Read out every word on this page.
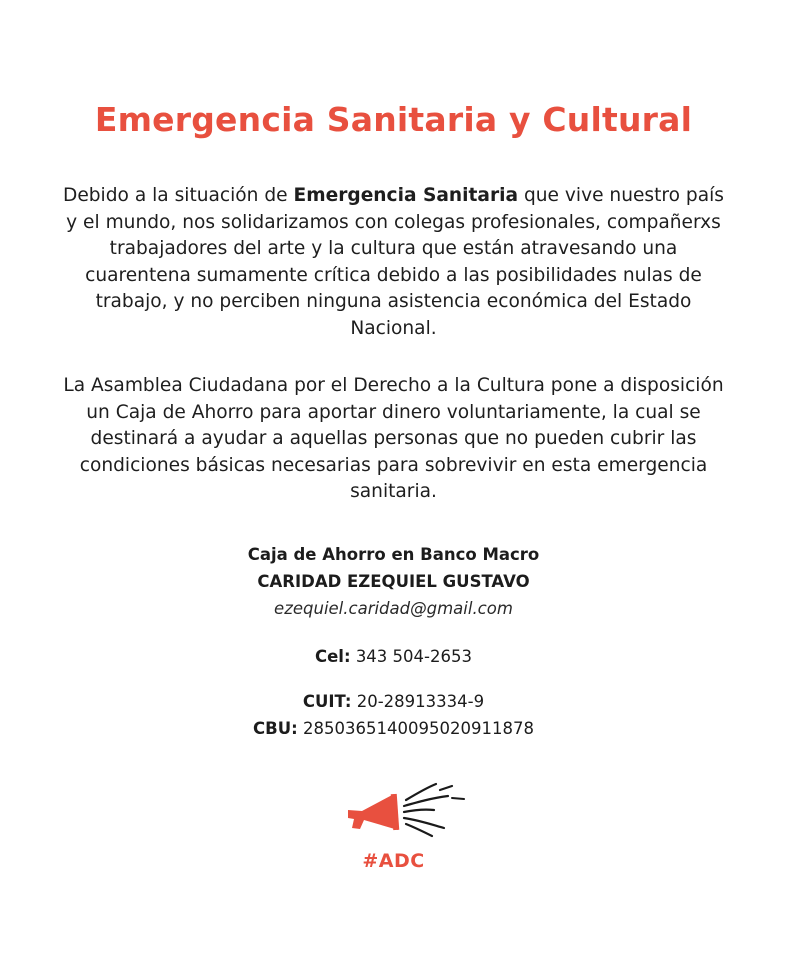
Emergencia Sanitaria y Cultural

Debido a la situación de Emergencia Sanitaria que vive nuestro país y el mundo, nos solidarizamos con colegas profesionales, compañerxs trabajadores del arte y la cultura que están atravesando una cuarentena sumamente crítica debido a las posibilidades nulas de trabajo, y no perciben ninguna asistencia económica del Estado Nacional.

La Asamblea Ciudadana por el Derecho a la Cultura pone a disposición un Caja de Ahorro para aportar dinero voluntariamente, la cual se destinará a ayudar a aquellas personas que no pueden cubrir las condiciones básicas necesarias para sobrevivir en esta emergencia sanitaria.

Caja de Ahorro en Banco Macro
CARIDAD EZEQUIEL GUSTAVO
ezequiel.caridad@gmail.com
Cel: 343 504-2653
CUIT: 20-28913334-9
CBU: 2850365140095020911878
#ADC
